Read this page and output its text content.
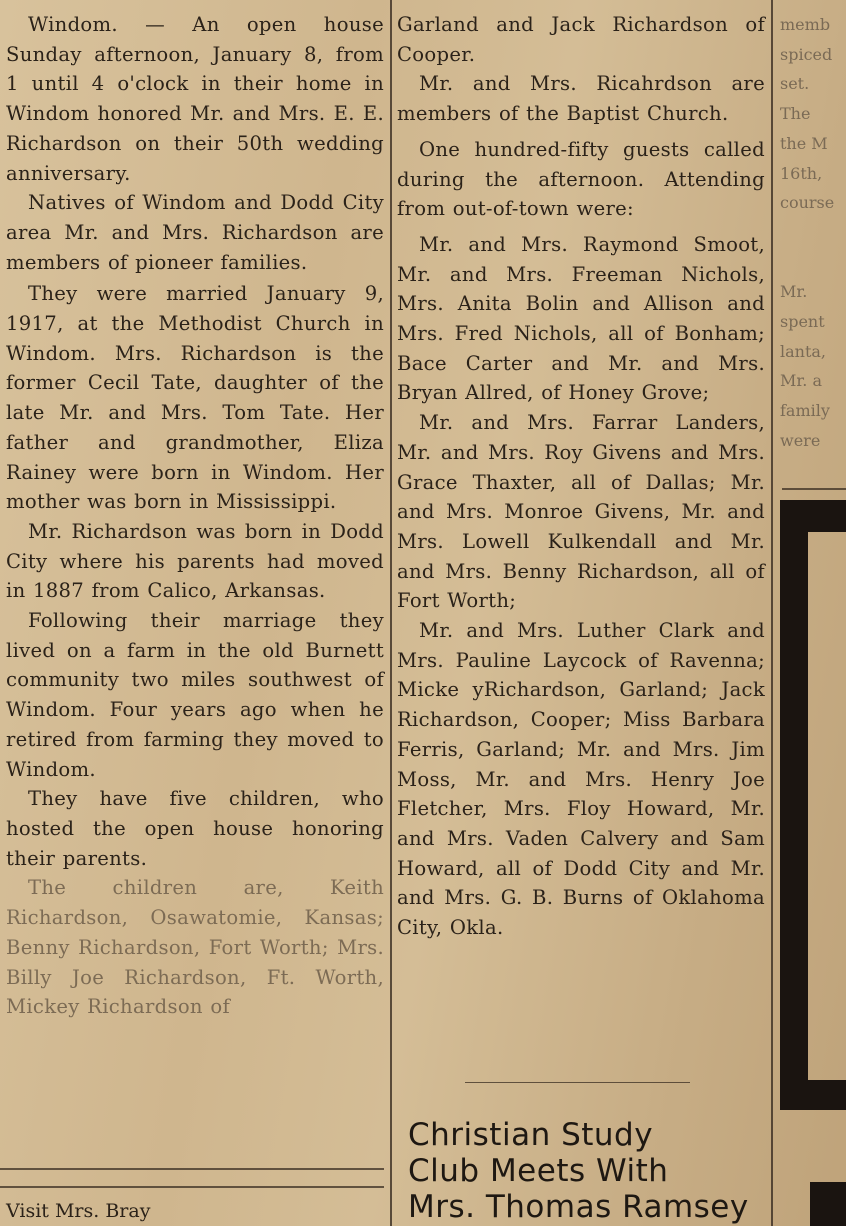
Windom. — An open house Sunday afternoon, January 8, from 1 until 4 o'clock in their home in Windom honored Mr. and Mrs. E. E. Richardson on their 50th wedding anniversary.

Natives of Windom and Dodd City area Mr. and Mrs. Richardson are members of pioneer families.

They were married January 9, 1917, at the Methodist Church in Windom. Mrs. Richardson is the former Cecil Tate, daughter of the late Mr. and Mrs. Tom Tate. Her father and grandmother, Eliza Rainey were born in Windom. Her mother was born in Mississippi.

Mr. Richardson was born in Dodd City where his parents had moved in 1887 from Calico, Arkansas.

Following their marriage they lived on a farm in the old Burnett community two miles southwest of Windom. Four years ago when he retired from farming they moved to Windom.

They have five children, who hosted the open house honoring their parents.

The children are, Keith Richardson, Osawatomie, Kansas; Benny Richardson, Fort Worth; Mrs. Billy Joe Richardson, Ft. Worth, Mickey Richardson of

Visit Mrs. Bray

Garland and Jack Richardson of Cooper.

Mr. and Mrs. Ricahrdson are members of the Baptist Church.

One hundred-fifty guests called during the afternoon. Attending from out-of-town were:

Mr. and Mrs. Raymond Smoot, Mr. and Mrs. Freeman Nichols, Mrs. Anita Bolin and Allison and Mrs. Fred Nichols, all of Bonham; Bace Carter and Mr. and Mrs. Bryan Allred, of Honey Grove;

Mr. and Mrs. Farrar Landers, Mr. and Mrs. Roy Givens and Mrs. Grace Thaxter, all of Dallas; Mr. and Mrs. Monroe Givens, Mr. and Mrs. Lowell Kulkendall and Mr. and Mrs. Benny Richardson, all of Fort Worth;

Mr. and Mrs. Luther Clark and Mrs. Pauline Laycock of Ravenna; Micke yRichardson, Garland; Jack Richardson, Cooper; Miss Barbara Ferris, Garland; Mr. and Mrs. Jim Moss, Mr. and Mrs. Henry Joe Fletcher, Mrs. Floy Howard, Mr. and Mrs. Vaden Calvery and Sam Howard, all of Dodd City and Mr. and Mrs. G. B. Burns of Oklahoma City, Okla.

Christian Study
Club Meets With
Mrs. Thomas Ramsey

memb

spiced

set.

The

the M

16th,

course

Mr.

spent

lanta,

Mr. a

family

were
